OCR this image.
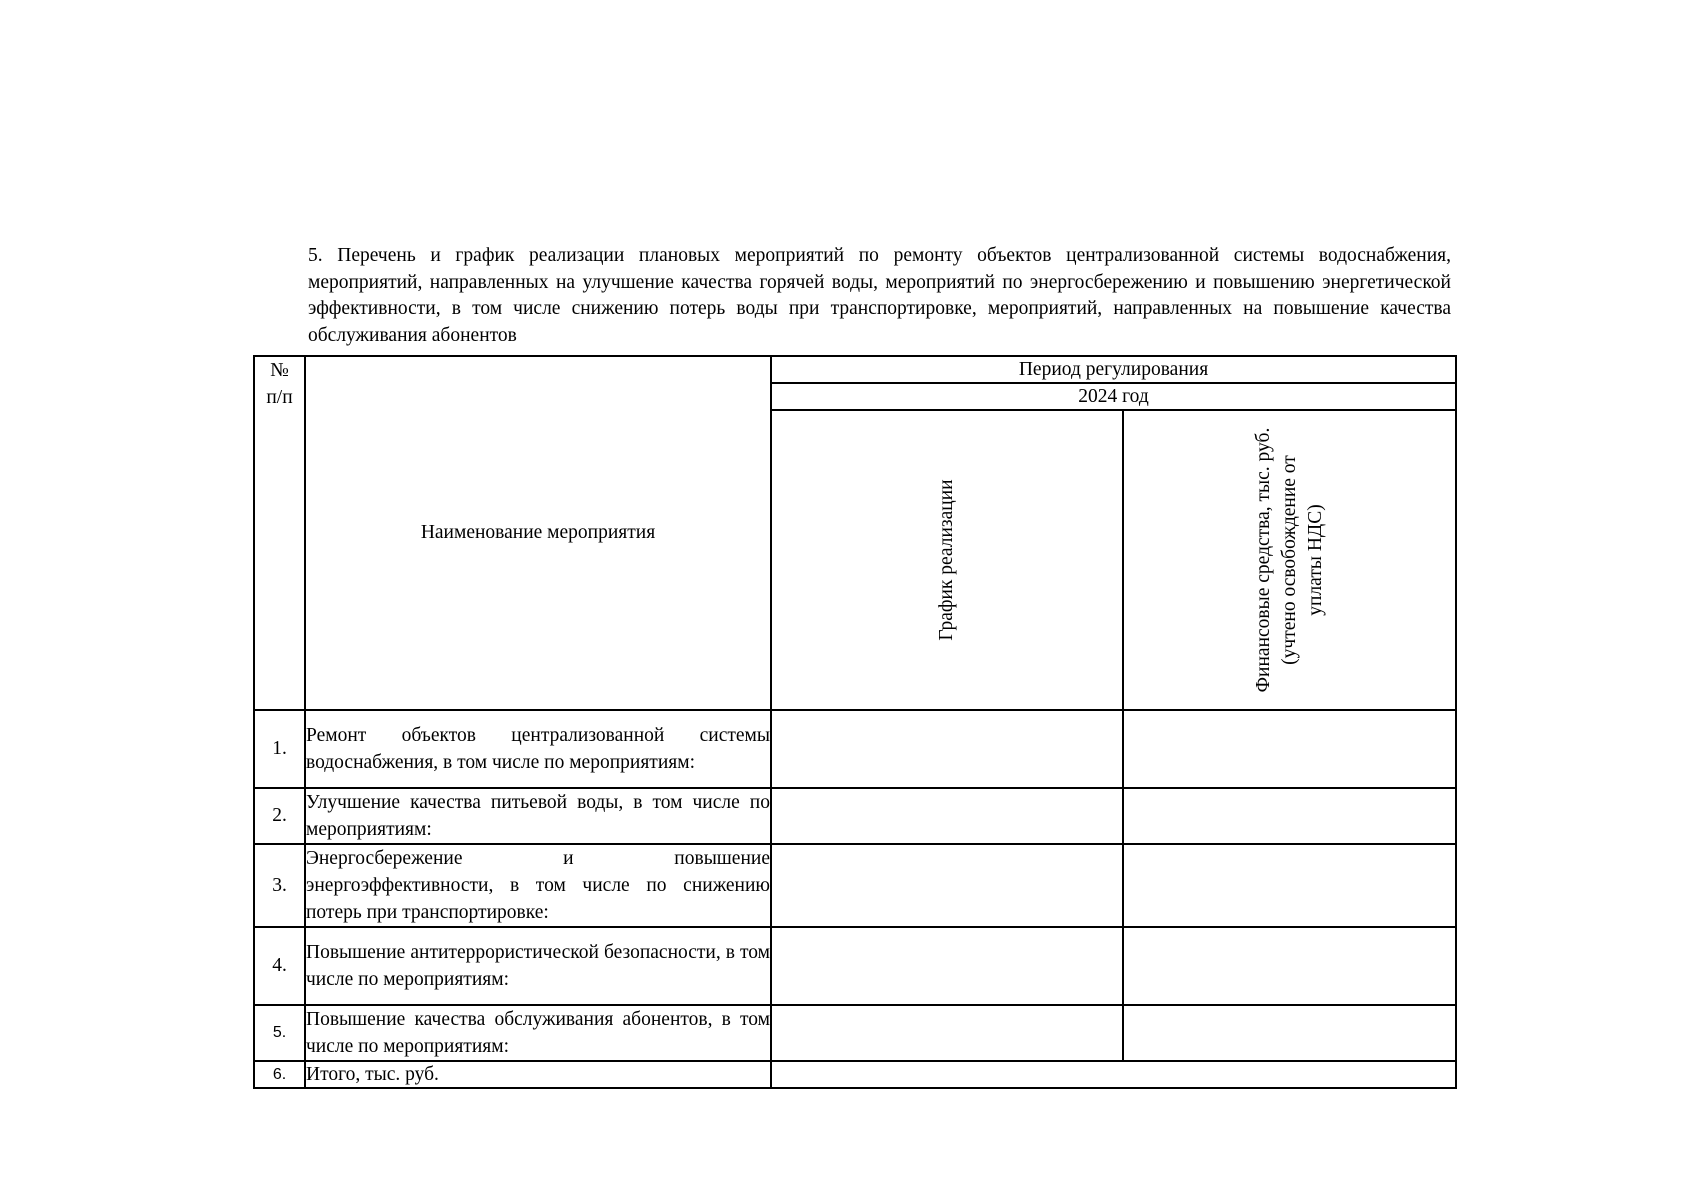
5. Перечень и график реализации плановых мероприятий по ремонту объектов централизованной системы водоснабжения, мероприятий, направленных на улучшение качества горячей воды, мероприятий по энергосбережению и повышению энергетической эффективности, в том числе снижению потерь воды при транспортировке, мероприятий, направленных на повышение качества обслуживания абонентов

№
п/п	Наименование мероприятия	Период регулирования	
		2024 год	

		График реализации	Финансовые средства, тыс. руб. (учтено освобождение от уплаты НДС)

1.	Ремонт объектов централизованной системы водоснабжения, в том числе по мероприятиям:		
2.	Улучшение качества питьевой воды, в том числе по мероприятиям:		
3.	Энергосбережение и повышение
энергоэффективности, в том числе по снижению потерь при транспортировке:		

4.	Повышение антитеррористической безопасности, в том числе по мероприятиям:		
5.	Повышение качества обслуживания абонентов, в том числе по мероприятиям:		
6.	Итого, тыс. руб.		
